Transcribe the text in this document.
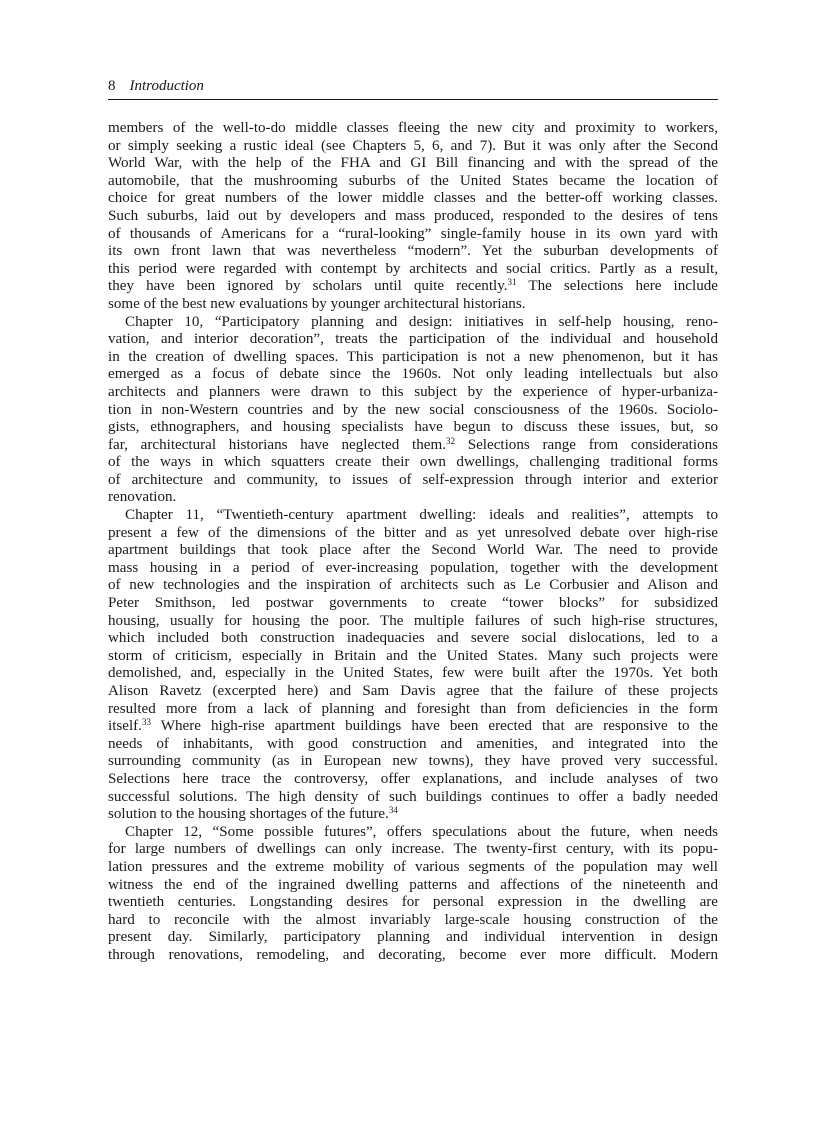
8 Introduction
members of the well-to-do middle classes fleeing the new city and proximity to workers,
or simply seeking a rustic ideal (see Chapters 5, 6, and 7). But it was only after the Second
World War, with the help of the FHA and GI Bill financing and with the spread of the
automobile, that the mushrooming suburbs of the United States became the location of
choice for great numbers of the lower middle classes and the better-off working classes.
Such suburbs, laid out by developers and mass produced, responded to the desires of tens
of thousands of Americans for a “rural-looking” single-family house in its own yard with
its own front lawn that was nevertheless “modern”. Yet the suburban developments of
this period were regarded with contempt by architects and social critics. Partly as a result,
they have been ignored by scholars until quite recently.$^{31}$ The selections here include
some of the best new evaluations by younger architectural historians.
Chapter 10, “Participatory planning and design: initiatives in self-help housing, reno-
vation, and interior decoration”, treats the participation of the individual and household
in the creation of dwelling spaces. This participation is not a new phenomenon, but it has
emerged as a focus of debate since the 1960s. Not only leading intellectuals but also
architects and planners were drawn to this subject by the experience of hyper-urbaniza-
tion in non-Western countries and by the new social consciousness of the 1960s. Sociolo-
gists, ethnographers, and housing specialists have begun to discuss these issues, but, so
far, architectural historians have neglected them.$^{32}$ Selections range from considerations
of the ways in which squatters create their own dwellings, challenging traditional forms
of architecture and community, to issues of self-expression through interior and exterior
renovation.
Chapter 11, “Twentieth-century apartment dwelling: ideals and realities”, attempts to
present a few of the dimensions of the bitter and as yet unresolved debate over high-rise
apartment buildings that took place after the Second World War. The need to provide
mass housing in a period of ever-increasing population, together with the development
of new technologies and the inspiration of architects such as Le Corbusier and Alison and
Peter Smithson, led postwar governments to create “tower blocks” for subsidized
housing, usually for housing the poor. The multiple failures of such high-rise structures,
which included both construction inadequacies and severe social dislocations, led to a
storm of criticism, especially in Britain and the United States. Many such projects were
demolished, and, especially in the United States, few were built after the 1970s. Yet both
Alison Ravetz (excerpted here) and Sam Davis agree that the failure of these projects
resulted more from a lack of planning and foresight than from deficiencies in the form
itself.$^{33}$ Where high-rise apartment buildings have been erected that are responsive to the
needs of inhabitants, with good construction and amenities, and integrated into the
surrounding community (as in European new towns), they have proved very successful.
Selections here trace the controversy, offer explanations, and include analyses of two
successful solutions. The high density of such buildings continues to offer a badly needed
solution to the housing shortages of the future.$^{34}$
Chapter 12, “Some possible futures”, offers speculations about the future, when needs
for large numbers of dwellings can only increase. The twenty-first century, with its popu-
lation pressures and the extreme mobility of various segments of the population may well
witness the end of the ingrained dwelling patterns and affections of the nineteenth and
twentieth centuries. Longstanding desires for personal expression in the dwelling are
hard to reconcile with the almost invariably large-scale housing construction of the
present day. Similarly, participatory planning and individual intervention in design
through renovations, remodeling, and decorating, become ever more difficult. Modern
